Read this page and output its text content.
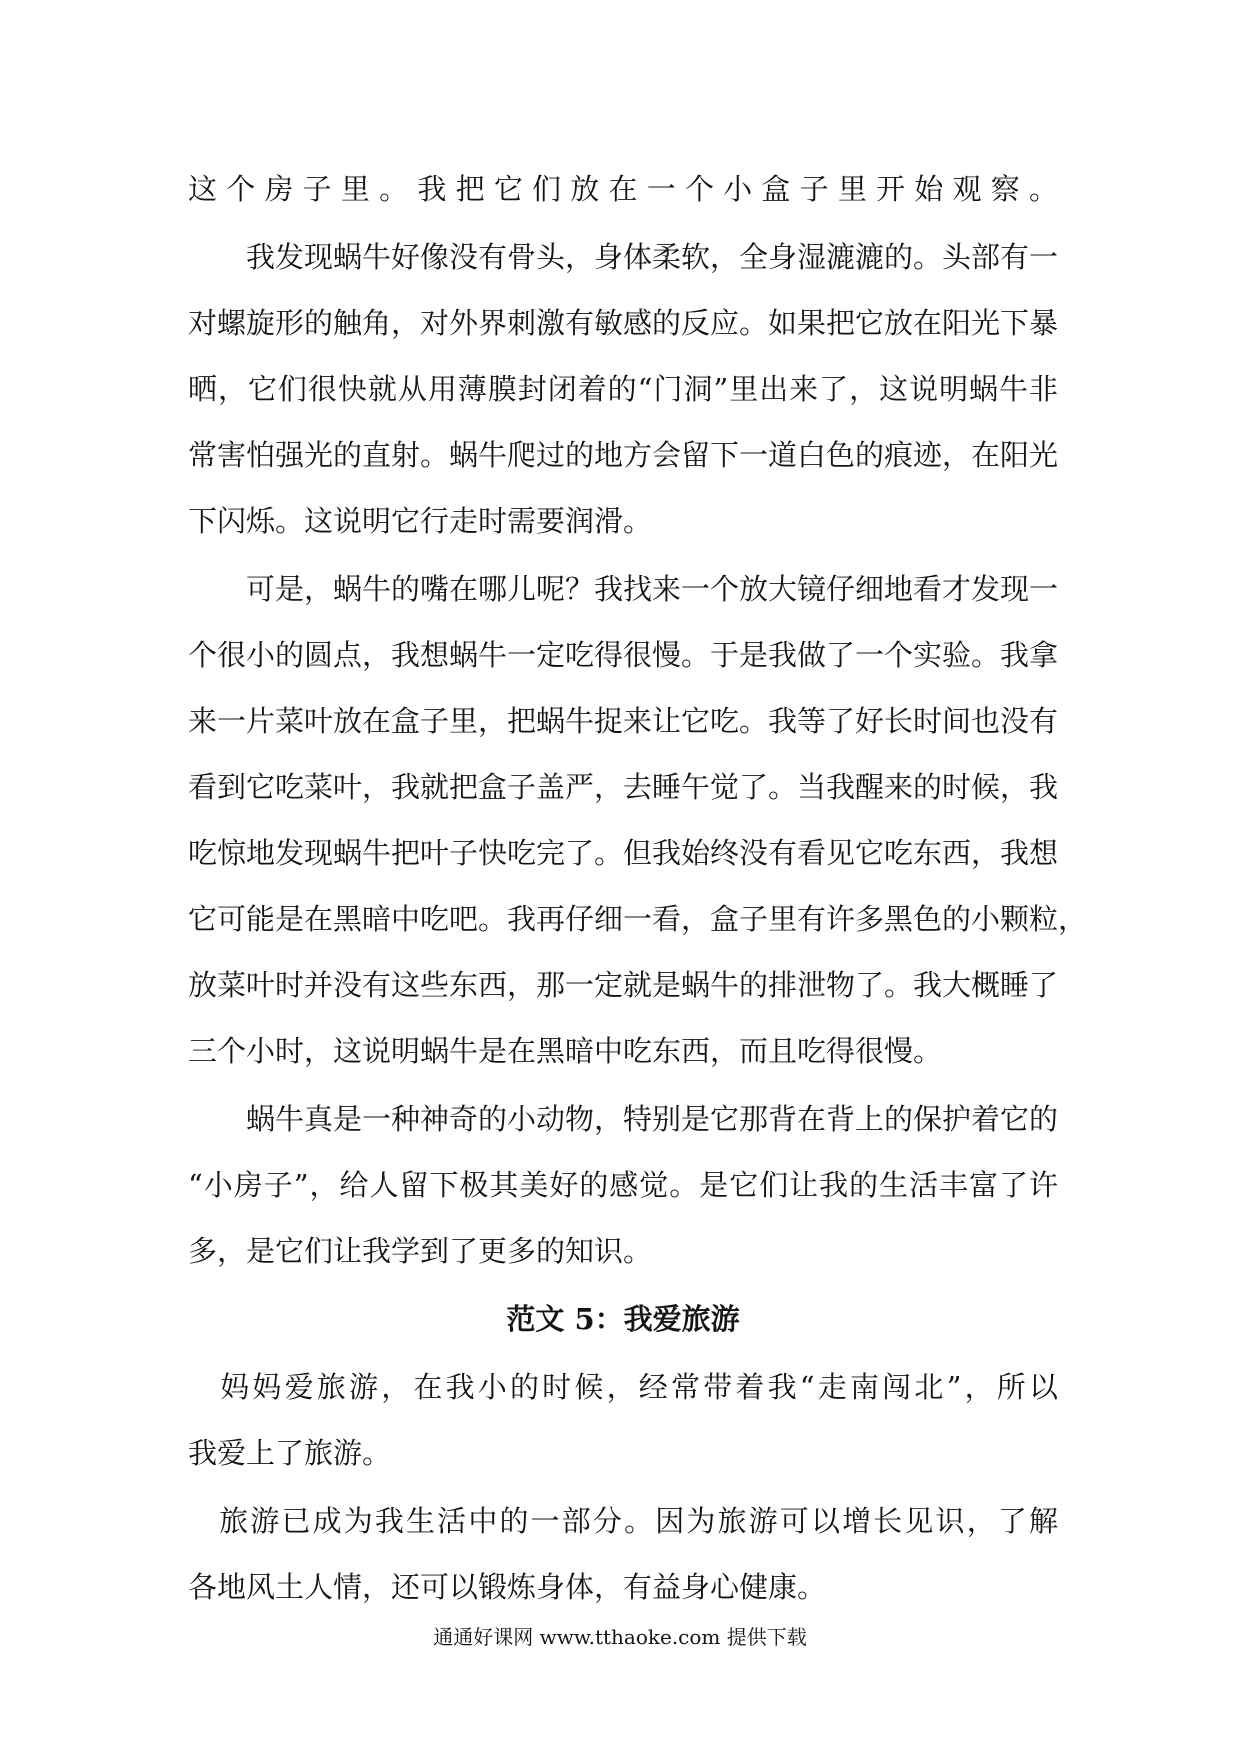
这个房子里。我把它们放在一个小盒子里开始观察。

　　我发现蜗牛好像没有骨头，身体柔软，全身湿漉漉的。头部有一

对螺旋形的触角，对外界刺激有敏感的反应。如果把它放在阳光下暴

晒，它们很快就从用薄膜封闭着的“门洞”里出来了，这说明蜗牛非

常害怕强光的直射。蜗牛爬过的地方会留下一道白色的痕迹，在阳光

下闪烁。这说明它行走时需要润滑。

　　可是，蜗牛的嘴在哪儿呢？我找来一个放大镜仔细地看才发现一

个很小的圆点，我想蜗牛一定吃得很慢。于是我做了一个实验。我拿

来一片菜叶放在盒子里，把蜗牛捉来让它吃。我等了好长时间也没有

看到它吃菜叶，我就把盒子盖严，去睡午觉了。当我醒来的时候，我

吃惊地发现蜗牛把叶子快吃完了。但我始终没有看见它吃东西，我想

它可能是在黑暗中吃吧。我再仔细一看，盒子里有许多黑色的小颗粒，

放菜叶时并没有这些东西，那一定就是蜗牛的排泄物了。我大概睡了

三个小时，这说明蜗牛是在黑暗中吃东西，而且吃得很慢。

　　蜗牛真是一种神奇的小动物，特别是它那背在背上的保护着它的

“小房子”，给人留下极其美好的感觉。是它们让我的生活丰富了许

多，是它们让我学到了更多的知识。

范文 5：我爱旅游

　妈妈爱旅游，在我小的时候，经常带着我“走南闯北”，所以

我爱上了旅游。

　旅游已成为我生活中的一部分。因为旅游可以增长见识，了解

各地风土人情，还可以锻炼身体，有益身心健康。

通通好课网 www.tthaoke.com 提供下载
